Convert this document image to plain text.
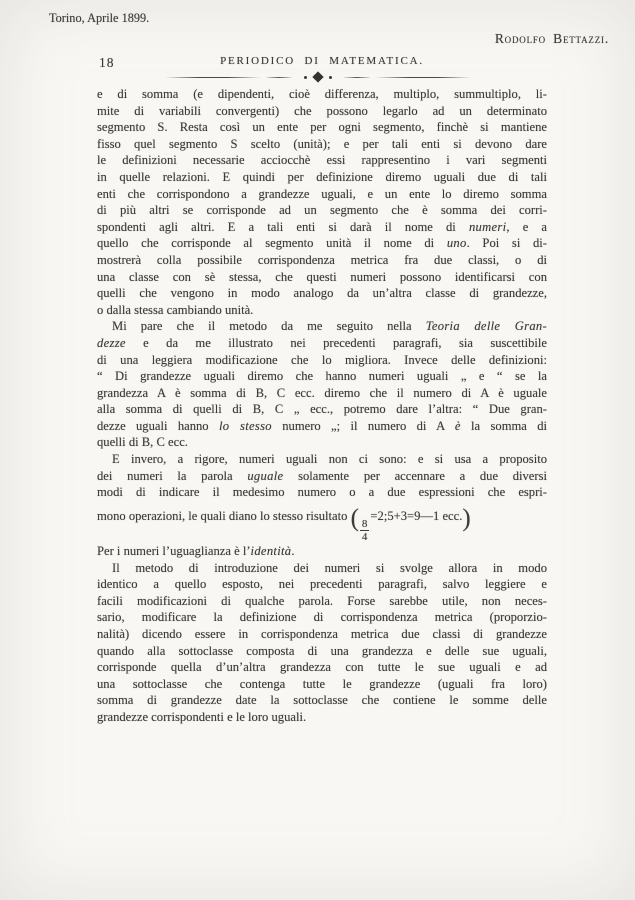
18	PERIODICO DI MATEMATICA.
e di somma (e dipendenti, cioè differenza, multiplo, summultiplo, li-
mite di variabili convergenti) che possono legarlo ad un determinato
segmento S. Resta così un ente per ogni segmento, finchè si mantiene
fisso quel segmento S scelto (unità); e per tali enti si devono dare
le definizioni necessarie acciocchè essi rappresentino i vari segmenti
in quelle relazioni. E quindi per definizione diremo uguali due di tali
enti che corrispondono a grandezze uguali, e un ente lo diremo somma
di più altri se corrisponde ad un segmento che è somma dei corri-
spondenti agli altri. E a tali enti si darà il nome di numeri, e a
quello che corrisponde al segmento unità il nome di uno. Poi si di-
mostrerà colla possibile corrispondenza metrica fra due classi, o di
una classe con sè stessa, che questi numeri possono identificarsi con
quelli che vengono in modo analogo da un’altra classe di grandezze,
o dalla stessa cambiando unità.
Mi pare che il metodo da me seguito nella Teoria delle Gran-
dezze e da me illustrato nei precedenti paragrafi, sia suscettibile
di una leggiera modificazione che lo migliora. Invece delle definizioni:
“ Di grandezze uguali diremo che hanno numeri uguali „ e “ se la
grandezza A è somma di B, C ecc. diremo che il numero di A è uguale
alla somma di quelli di B, C „ ecc., potremo dare l’altra: “ Due gran-
dezze uguali hanno lo stesso numero „; il numero di A è la somma di
quelli di B, C ecc.
E invero, a rigore, numeri uguali non ci sono: e si usa a proposito
dei numeri la parola uguale solamente per accennare a due diversi
modi di indicare il medesimo numero o a due espressioni che espri-
mono operazioni, le quali diano lo stesso risultato ( $\frac{8}{4}$
=2;5+3=9—1 ecc.)
Per i numeri l’uguaglianza è l’identità.
Il metodo di introduzione dei numeri si svolge allora in modo
identico a quello esposto, nei precedenti paragrafi, salvo leggiere e
facili modificazioni di qualche parola. Forse sarebbe utile, non neces-
sario, modificare la definizione di corrispondenza metrica (proporzio-
nalità) dicendo essere in corrispondenza metrica due classi di grandezze
quando alla sottoclasse composta di una grandezza e delle sue uguali,
corrisponde quella d’un’altra grandezza con tutte le sue uguali e ad
una sottoclasse che contenga tutte le grandezze (uguali fra loro)
somma di grandezze date la sottoclasse che contiene le somme delle
grandezze corrispondenti e le loro uguali.
Torino, Aprile 1899.
Rodolfo Bettazzi.
